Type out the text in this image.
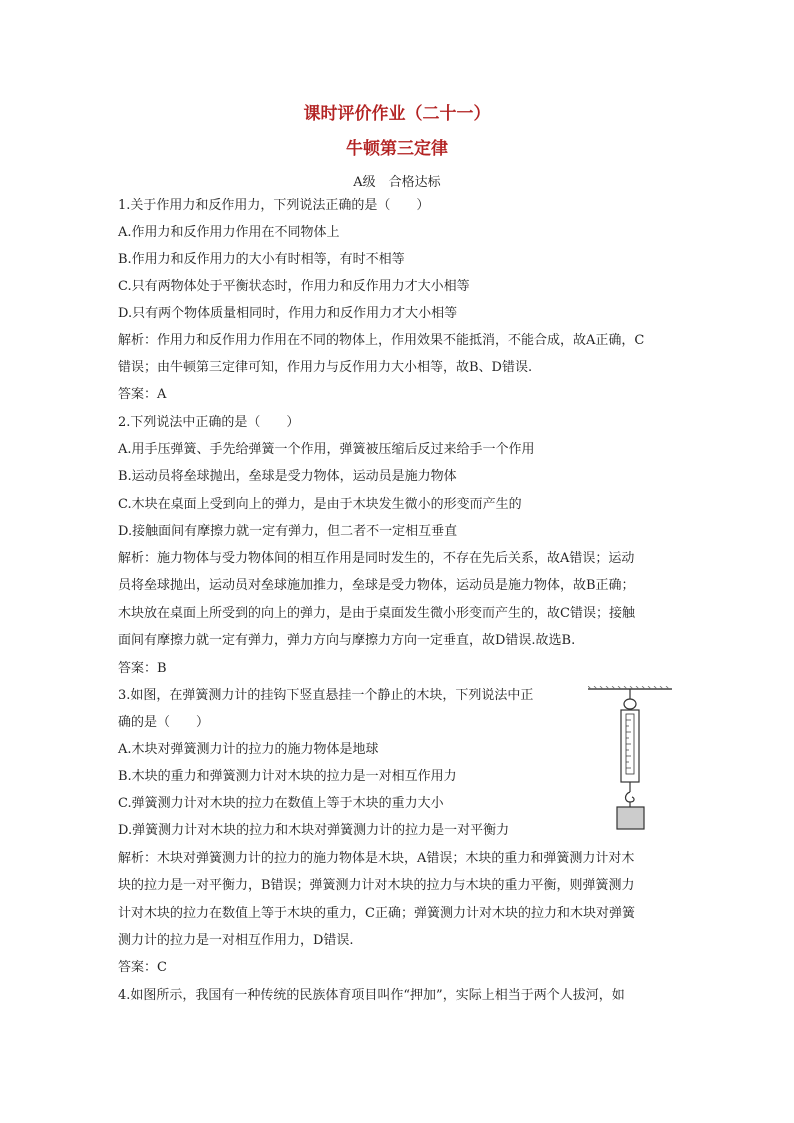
课时评价作业（二十一）
牛顿第三定律
A级　合格达标
1.关于作用力和反作用力，下列说法正确的是（　　）
A.作用力和反作用力作用在不同物体上
B.作用力和反作用力的大小有时相等，有时不相等
C.只有两物体处于平衡状态时，作用力和反作用力才大小相等
D.只有两个物体质量相同时，作用力和反作用力才大小相等
解析：作用力和反作用力作用在不同的物体上，作用效果不能抵消，不能合成，故A正确，C
错误；由牛顿第三定律可知，作用力与反作用力大小相等，故B、D错误.
答案：A
2.下列说法中正确的是（　　）
A.用手压弹簧、手先给弹簧一个作用，弹簧被压缩后反过来给手一个作用
B.运动员将垒球抛出，垒球是受力物体，运动员是施力物体
C.木块在桌面上受到向上的弹力，是由于木块发生微小的形变而产生的
D.接触面间有摩擦力就一定有弹力，但二者不一定相互垂直
解析：施力物体与受力物体间的相互作用是同时发生的，不存在先后关系，故A错误；运动
员将垒球抛出，运动员对垒球施加推力，垒球是受力物体，运动员是施力物体，故B正确；
木块放在桌面上所受到的向上的弹力，是由于桌面发生微小形变而产生的，故C错误；接触
面间有摩擦力就一定有弹力，弹力方向与摩擦力方向一定垂直，故D错误.故选B.
答案：B
3.如图，在弹簧测力计的挂钩下竖直悬挂一个静止的木块，下列说法中正
确的是（　　）
A.木块对弹簧测力计的拉力的施力物体是地球
B.木块的重力和弹簧测力计对木块的拉力是一对相互作用力
C.弹簧测力计对木块的拉力在数值上等于木块的重力大小
D.弹簧测力计对木块的拉力和木块对弹簧测力计的拉力是一对平衡力
解析：木块对弹簧测力计的拉力的施力物体是木块，A错误；木块的重力和弹簧测力计对木
块的拉力是一对平衡力，B错误；弹簧测力计对木块的拉力与木块的重力平衡，则弹簧测力
计对木块的拉力在数值上等于木块的重力，C正确；弹簧测力计对木块的拉力和木块对弹簧
测力计的拉力是一对相互作用力，D错误.
答案：C
4.如图所示，我国有一种传统的民族体育项目叫作“押加”，实际上相当于两个人拔河，如
